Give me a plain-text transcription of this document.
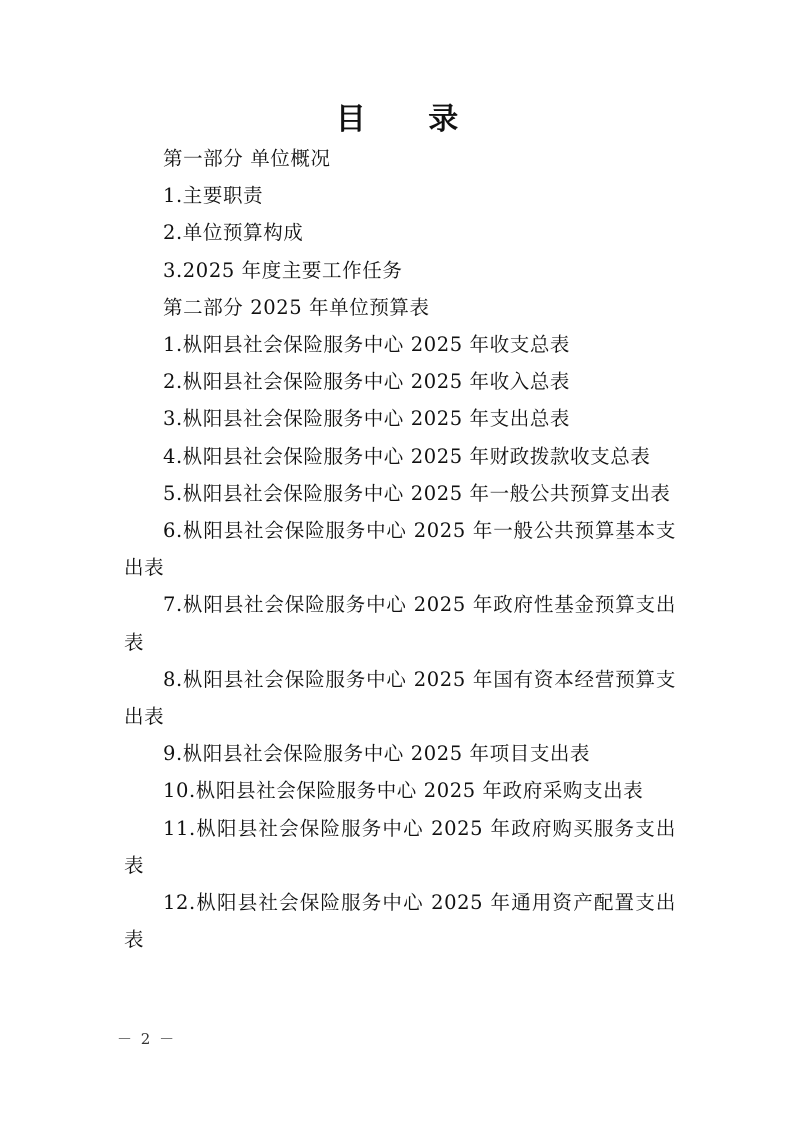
目 录
第一部分 单位概况
1.主要职责
2.单位预算构成
3.2025 年度主要工作任务
第二部分 2025 年单位预算表
1.枞阳县社会保险服务中心 2025 年收支总表
2.枞阳县社会保险服务中心 2025 年收入总表
3.枞阳县社会保险服务中心 2025 年支出总表
4.枞阳县社会保险服务中心 2025 年财政拨款收支总表
5.枞阳县社会保险服务中心 2025 年一般公共预算支出表
6.枞阳县社会保险服务中心 2025 年一般公共预算基本支出表
7.枞阳县社会保险服务中心 2025 年政府性基金预算支出表
8.枞阳县社会保险服务中心 2025 年国有资本经营预算支出表
9.枞阳县社会保险服务中心 2025 年项目支出表
10.枞阳县社会保险服务中心 2025 年政府采购支出表
11.枞阳县社会保险服务中心 2025 年政府购买服务支出表
12.枞阳县社会保险服务中心 2025 年通用资产配置支出表
－ 2 －
